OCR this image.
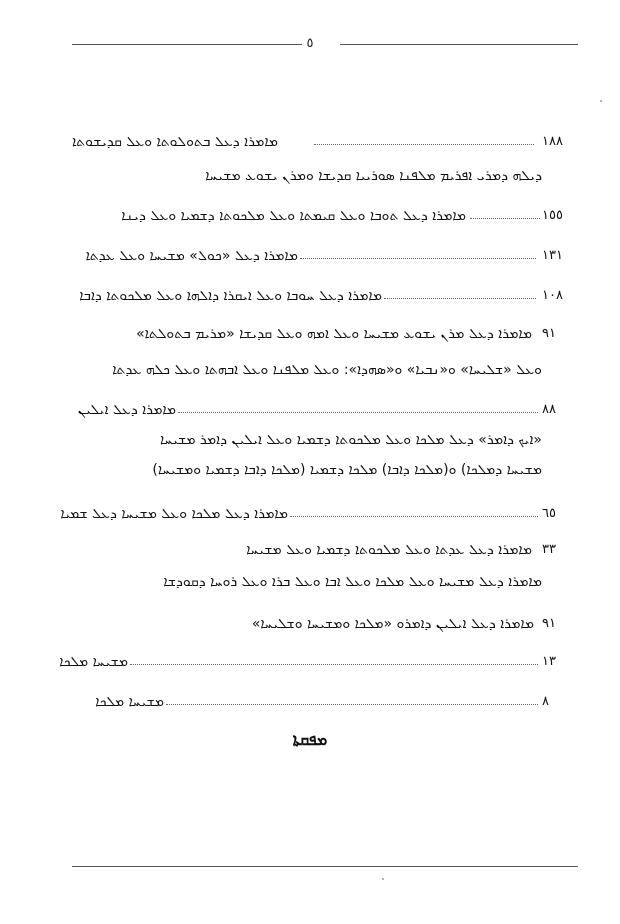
٥
١٨٨
ܡܐܡܪܐ ܕܥܠ ܒܬܘܠܘܬܐ ܘܥܠ ܩܕܝܫܘܬܐ
ܕܝܠܗ ܕܡܪܝ ܐܦܪܝܡ ܡܠܦܢܐ ܣܘܪܝܝܐ ܩܕܝܫܐ ܘܡܪܢ ܝܫܘܥ ܡܫܝܚܐ
١٥٥
ܡܐܡܪܐ ܕܥܠ ܬܘܒܐ ܘܥܠ ܩܝܡܬܐ ܘܥܠ ܡܠܟܘܬܐ ܕܫܡܝܐ ܘܥܠ ܕܝܢܐ
١٣١
ܡܐܡܪܐ ܕܥܠ «ܟܘܠ» ܡܫܝܚܐ ܘܥܠ ܥܕܬܐ
١٠٨
ܡܐܡܪܐ ܕܥܠ ܚܘܒܐ ܘܥܠ ܐܝܩܪܐ ܕܐܠܗܐ ܘܥܠ ܡܠܟܘܬܐ ܕܐܒܐ
٩١
ܡܐܡܪܐ ܕܥܠ ܡܪܢ ܝܫܘܥ ܡܫܝܚܐ ܘܥܠ ܐܡܗ ܘܥܠ ܩܕܝܫܐ «ܡܪܝܡ ܒܬܘܠܬܐ»
ܘܥܠ «ܫܠܝܚܐ» ܘ«ܢܒܝܐ» ܘ«ܣܗܕܐ»: ܘܥܠ ܡܠܦܢܐ ܘܥܠ ܐܒܗܬܐ ܘܥܠ ܟܠܗ ܥܕܬܐ
٨٨
ܡܐܡܪܐ ܕܥܠ ܐܝܠܝܢ
«ܐܝܟ ܕܐܡܪ» ܕܥܠ ܡܠܟܐ ܘܥܠ ܡܠܟܘܬܐ ܕܫܡܝܐ ܘܥܠ ܐܝܠܝܢ ܕܐܡܪ ܡܫܝܚܐ
ܡܫܝܚܐ ܕܡܠܟܐ) ܘ(ܡܠܟܐ ܕܐܒܐ) ܡܠܟܐ ܕܫܡܝܐ (ܡܠܟܐ ܕܐܒܐ ܕܫܡܝܐ ܘܡܫܝܚܐ)
٦٥
ܡܐܡܪܐ ܕܥܠ ܡܠܟܐ ܘܥܠ ܡܫܝܚܐ ܕܥܠ ܫܡܝܐ
٣٣
ܡܐܡܪܐ ܕܥܠ ܥܕܬܐ ܘܥܠ ܡܠܟܘܬܐ ܕܫܡܝܐ ܘܥܠ ܡܫܝܚܐ
ܡܐܡܪܐ ܕܥܠ ܡܫܝܚܐ ܘܥܠ ܡܠܟܐ ܘܥܠ ܐܒܐ ܘܥܠ ܒܪܐ ܘܥܠ ܪܘܚܐ ܕܩܘܕܫܐ
٩١
ܡܐܡܪܐ ܕܥܠ ܐܝܠܝܢ ܕܐܡܪܘ «ܡܠܟܐ ܘܡܫܝܚܐ ܘܫܠܝܚܐ»
١٣
ܡܫܝܚܐ ܡܠܟܐ
٨
ܡܫܝܚܐ ܡܠܟܐ
ܡܦܩܬܐ
